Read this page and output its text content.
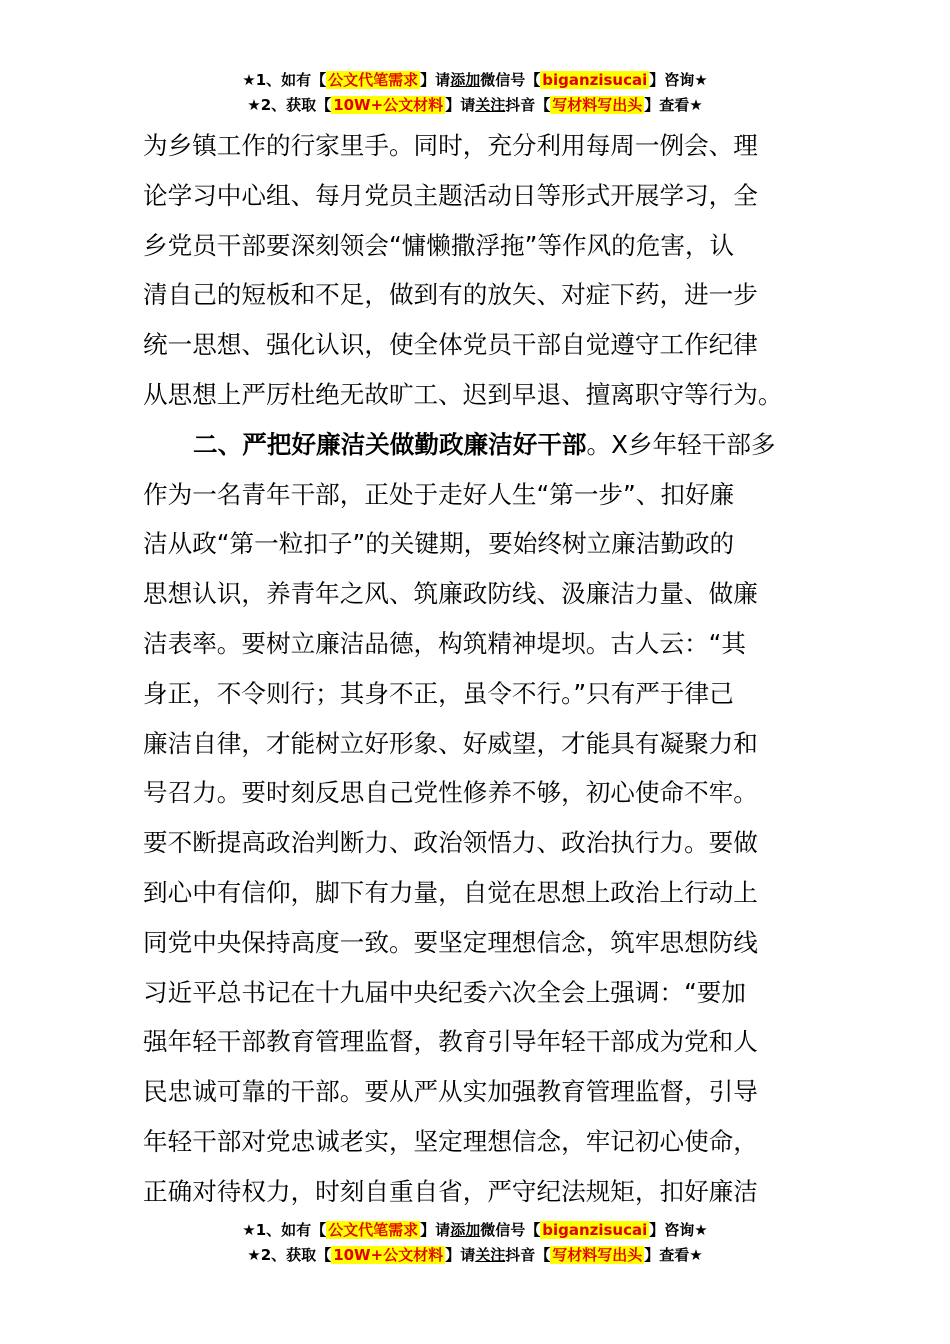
★1、如有【 公文代笔需求 】请添加微信号【 biganzisucai 】咨询★
★2、获取【 10W+公文材料 】请关注抖音【 写材料写出头 】查看★
为乡镇工作的行家里手。同时，充分利用每周一例会、理
论学习中心组、每月党员主题活动日等形式开展学习，全
乡党员干部要深刻领会“慵懒撒浮拖”等作风的危害，认
清自己的短板和不足，做到有的放矢、对症下药，进一步
统一思想、强化认识，使全体党员干部自觉遵守工作纪律
从思想上严厉杜绝无故旷工、迟到早退、擅离职守等行为。
二、严把好廉洁关做勤政廉洁好干部。X乡年轻干部多
作为一名青年干部，正处于走好人生“第一步”、扣好廉
洁从政“第一粒扣子”的关键期，要始终树立廉洁勤政的
思想认识，养青年之风、筑廉政防线、汲廉洁力量、做廉
洁表率。要树立廉洁品德，构筑精神堤坝。古人云：“其
身正，不令则行；其身不正，虽令不行。”只有严于律己
廉洁自律，才能树立好形象、好威望，才能具有凝聚力和
号召力。要时刻反思自己党性修养不够，初心使命不牢。
要不断提高政治判断力、政治领悟力、政治执行力。要做
到心中有信仰，脚下有力量，自觉在思想上政治上行动上
同党中央保持高度一致。要坚定理想信念，筑牢思想防线
习近平总书记在十九届中央纪委六次全会上强调：“要加
强年轻干部教育管理监督，教育引导年轻干部成为党和人
民忠诚可靠的干部。要从严从实加强教育管理监督，引导
年轻干部对党忠诚老实，坚定理想信念，牢记初心使命，
正确对待权力，时刻自重自省，严守纪法规矩，扣好廉洁
★1、如有【 公文代笔需求 】请添加微信号【 biganzisucai 】咨询★
★2、获取【 10W+公文材料 】请关注抖音【 写材料写出头 】查看★
